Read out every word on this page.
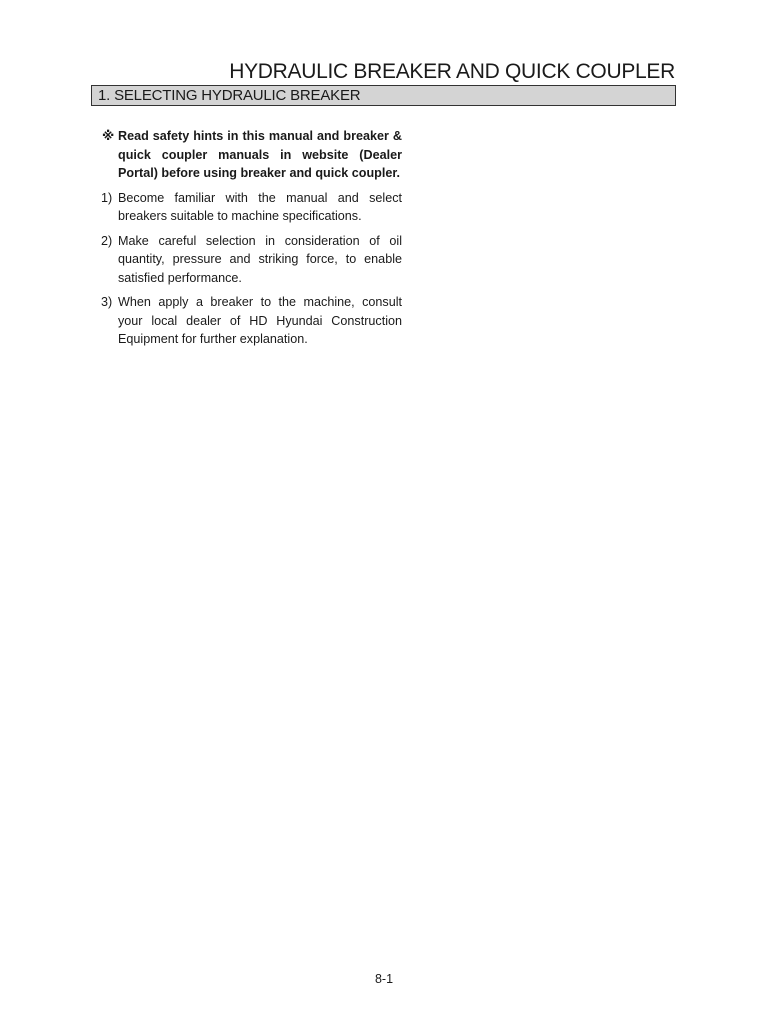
HYDRAULIC BREAKER AND QUICK COUPLER
1. SELECTING HYDRAULIC BREAKER
※ Read safety hints in this manual and breaker & quick coupler manuals in website (Dealer Portal) before using breaker and quick coupler.
1) Become familiar with the manual and select breakers suitable to machine specifications.
2) Make careful selection in consideration of oil quantity, pressure and striking force, to enable satisfied performance.
3) When apply a breaker to the machine, consult your local dealer of HD Hyundai Construction Equipment for further explanation.
8-1
